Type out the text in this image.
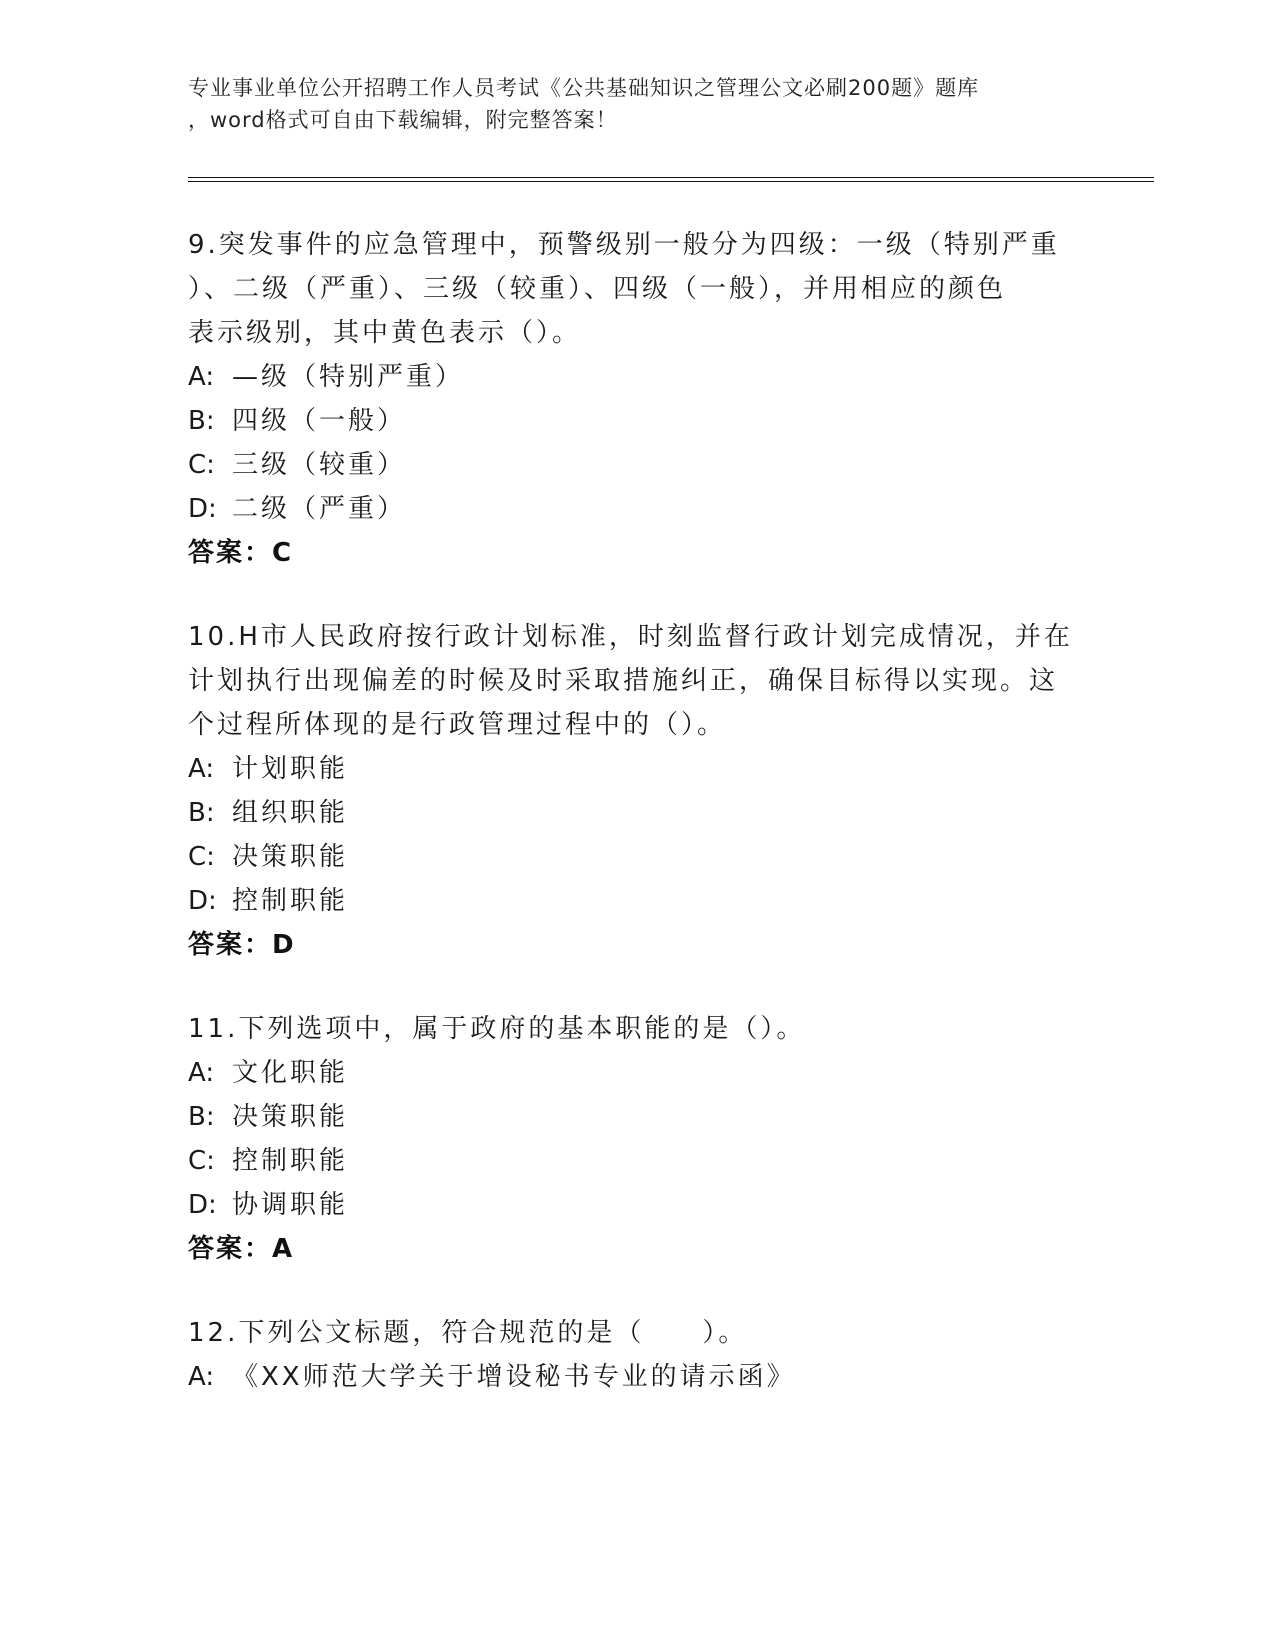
专业事业单位公开招聘工作人员考试《公共基础知识之管理公文必刷200题》题库
，word格式可自由下载编辑，附完整答案！
9.突发事件的应急管理中，预警级别一般分为四级：一级（特别严重
）、二级（严重）、三级（较重）、四级（一般），并用相应的颜色
表示级别，其中黄色表示（）。
A: —级（特别严重）
B: 四级（一般）
C: 三级（较重）
D: 二级（严重）
答案：C
10.H市人民政府按行政计划标准，时刻监督行政计划完成情况，并在
计划执行出现偏差的时候及时采取措施纠正，确保目标得以实现。这
个过程所体现的是行政管理过程中的（）。
A: 计划职能
B: 组织职能
C: 决策职能
D: 控制职能
答案：D
11.下列选项中，属于政府的基本职能的是（）。
A: 文化职能
B: 决策职能
C: 控制职能
D: 协调职能
答案：A
12.下列公文标题，符合规范的是（　　）。
A: 《XX师范大学关于增设秘书专业的请示函》
